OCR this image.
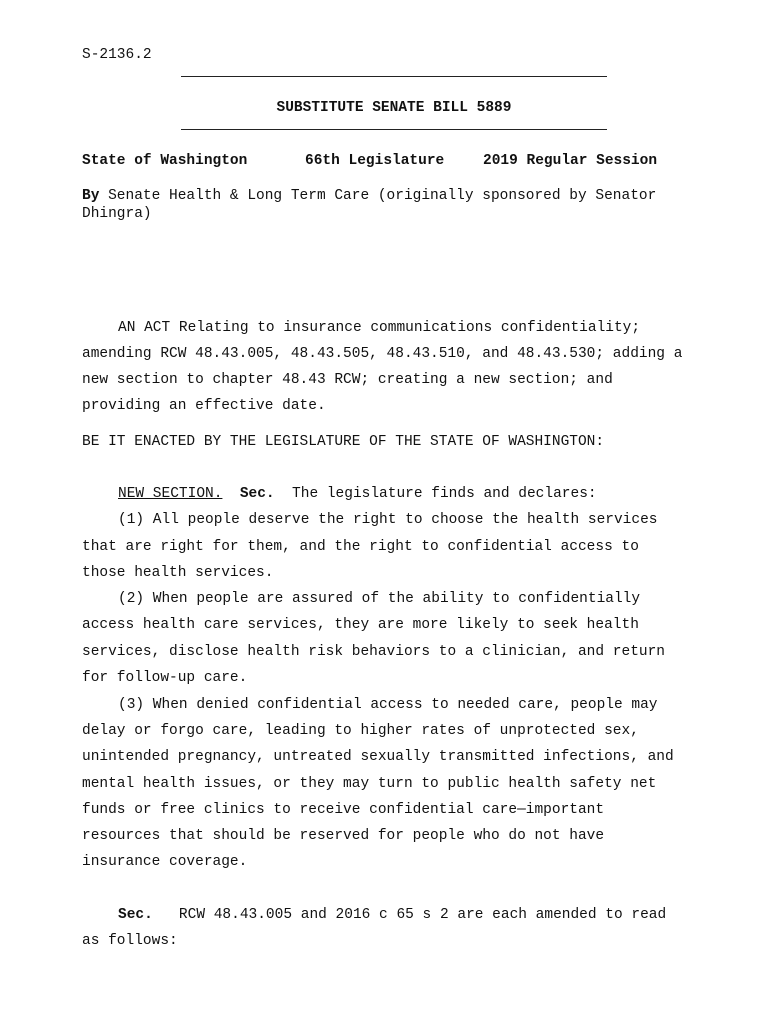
S-2136.2
SUBSTITUTE SENATE BILL 5889
State of Washington	66th Legislature	2019 Regular Session
By Senate Health & Long Term Care (originally sponsored by Senator
Dhingra)
AN ACT Relating to insurance communications confidentiality;
amending RCW 48.43.005, 48.43.505, 48.43.510, and 48.43.530; adding a
new section to chapter 48.43 RCW; creating a new section; and
providing an effective date.
BE IT ENACTED BY THE LEGISLATURE OF THE STATE OF WASHINGTON:
NEW SECTION. Sec. The legislature finds and declares:
(1) All people deserve the right to choose the health services
that are right for them, and the right to confidential access to
those health services.
(2) When people are assured of the ability to confidentially
access health care services, they are more likely to seek health
services, disclose health risk behaviors to a clinician, and return
for follow-up care.
(3) When denied confidential access to needed care, people may
delay or forgo care, leading to higher rates of unprotected sex,
unintended pregnancy, untreated sexually transmitted infections, and
mental health issues, or they may turn to public health safety net
funds or free clinics to receive confidential care—important
resources that should be reserved for people who do not have
insurance coverage.
Sec. RCW 48.43.005 and 2016 c 65 s 2 are each amended to read
as follows:
